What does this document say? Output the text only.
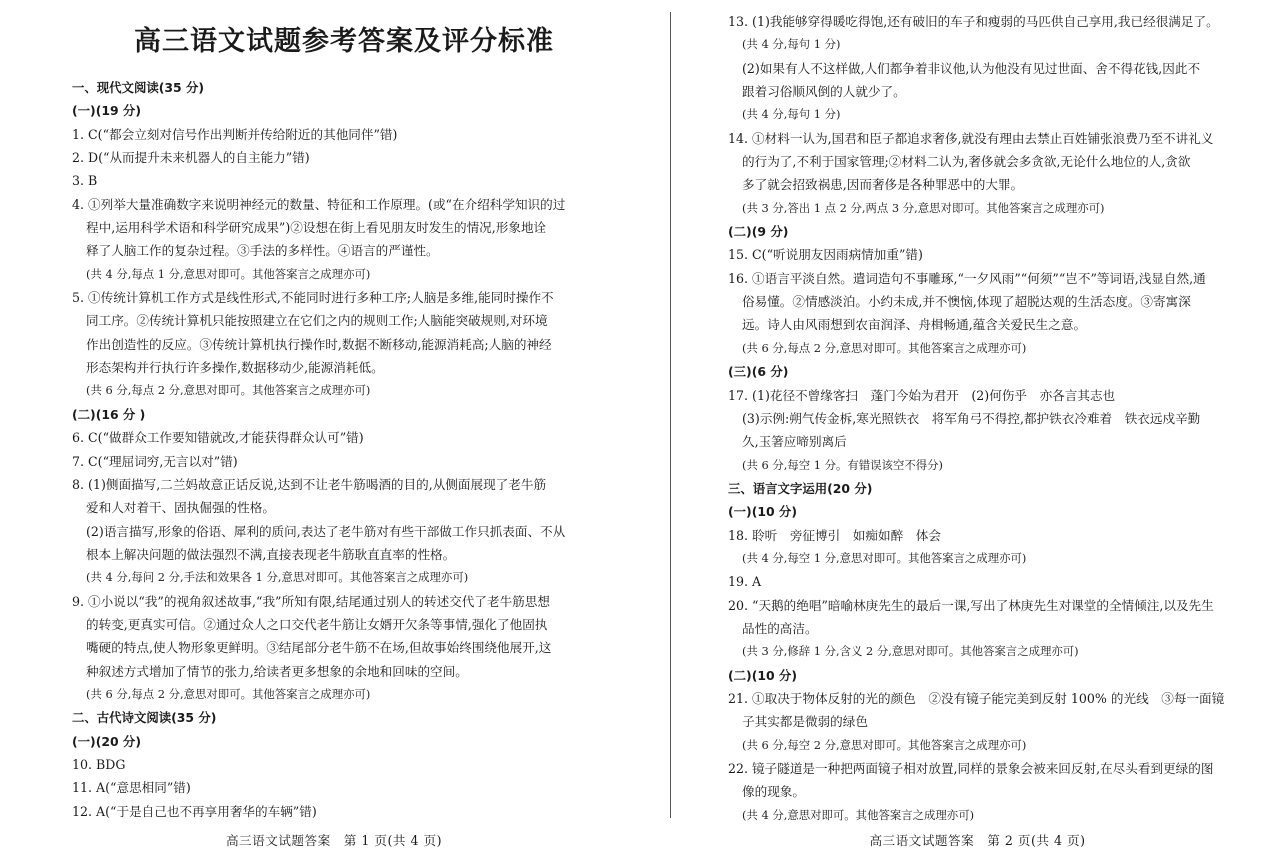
高三语文试题参考答案及评分标准
一、现代文阅读(35 分)
(一)(19 分)
1. C(“都会立刻对信号作出判断并传给附近的其他同伴”错)
2. D(“从而提升未来机器人的自主能力”错)
3. B
4. ①列举大量准确数字来说明神经元的数量、特征和工作原理。(或“在介绍科学知识的过
程中,运用科学术语和科学研究成果”)②设想在街上看见朋友时发生的情况,形象地诠
释了人脑工作的复杂过程。③手法的多样性。④语言的严谨性。
(共 4 分,每点 1 分,意思对即可。其他答案言之成理亦可)
5. ①传统计算机工作方式是线性形式,不能同时进行多种工序;人脑是多维,能同时操作不
同工序。②传统计算机只能按照建立在它们之内的规则工作;人脑能突破规则,对环境
作出创造性的反应。③传统计算机执行操作时,数据不断移动,能源消耗高;人脑的神经
形态架构并行执行许多操作,数据移动少,能源消耗低。
(共 6 分,每点 2 分,意思对即可。其他答案言之成理亦可)
(二)(16 分 )
6. C(“做群众工作要知错就改,才能获得群众认可”错)
7. C(“理屈词穷,无言以对”错)
8. (1)侧面描写,二兰妈故意正话反说,达到不让老牛筋喝酒的目的,从侧面展现了老牛筋
爱和人对着干、固执倔强的性格。
(2)语言描写,形象的俗语、犀利的质问,表达了老牛筋对有些干部做工作只抓表面、不从
根本上解决问题的做法强烈不满,直接表现老牛筋耿直直率的性格。
(共 4 分,每问 2 分,手法和效果各 1 分,意思对即可。其他答案言之成理亦可)
9. ①小说以“我”的视角叙述故事,“我”所知有限,结尾通过别人的转述交代了老牛筋思想
的转变,更真实可信。②通过众人之口交代老牛筋让女婿开欠条等事情,强化了他固执
嘴硬的特点,使人物形象更鲜明。③结尾部分老牛筋不在场,但故事始终围绕他展开,这
种叙述方式增加了情节的张力,给读者更多想象的余地和回味的空间。
(共 6 分,每点 2 分,意思对即可。其他答案言之成理亦可)
二、古代诗文阅读(35 分)
(一)(20 分)
10. BDG
11. A(“意思相同”错)
12. A(“于是自己也不再享用奢华的车辆”错)
高三语文试题答案　第 1 页(共 4 页)
13. (1)我能够穿得暖吃得饱,还有破旧的车子和瘦弱的马匹供自己享用,我已经很满足了。
(共 4 分,每句 1 分)
(2)如果有人不这样做,人们都争着非议他,认为他没有见过世面、舍不得花钱,因此不
跟着习俗顺风倒的人就少了。
(共 4 分,每句 1 分)
14. ①材料一认为,国君和臣子都追求奢侈,就没有理由去禁止百姓铺张浪费乃至不讲礼义
的行为了,不利于国家管理;②材料二认为,奢侈就会多贪欲,无论什么地位的人,贪欲
多了就会招致祸患,因而奢侈是各种罪恶中的大罪。
(共 3 分,答出 1 点 2 分,两点 3 分,意思对即可。其他答案言之成理亦可)
(二)(9 分)
15. C(“听说朋友因雨病情加重”错)
16. ①语言平淡自然。遣词造句不事雕琢,“一夕风雨”“何须”“岂不”等词语,浅显自然,通
俗易懂。②情感淡泊。小约未成,并不懊恼,体现了超脱达观的生活态度。③寄寓深
远。诗人由风雨想到农亩润泽、舟楫畅通,蕴含关爱民生之意。
(共 6 分,每点 2 分,意思对即可。其他答案言之成理亦可)
(三)(6 分)
17. (1)花径不曾缘客扫　蓬门今始为君开　(2)何伤乎　亦各言其志也
(3)示例:朔气传金柝,寒光照铁衣　将军角弓不得控,都护铁衣冷难着　铁衣远戍辛勤
久,玉箸应啼别离后
(共 6 分,每空 1 分。有错误该空不得分)
三、语言文字运用(20 分)
(一)(10 分)
18. 聆听　旁征博引　如痴如醉　体会
(共 4 分,每空 1 分,意思对即可。其他答案言之成理亦可)
19. A
20. “天鹅的绝唱”暗喻林庚先生的最后一课,写出了林庚先生对课堂的全情倾注,以及先生
品性的高洁。
(共 3 分,修辞 1 分,含义 2 分,意思对即可。其他答案言之成理亦可)
(二)(10 分)
21. ①取决于物体反射的光的颜色　②没有镜子能完美到反射 100% 的光线　③每一面镜
子其实都是微弱的绿色
(共 6 分,每空 2 分,意思对即可。其他答案言之成理亦可)
22. 镜子隧道是一种把两面镜子相对放置,同样的景象会被来回反射,在尽头看到更绿的图
像的现象。
(共 4 分,意思对即可。其他答案言之成理亦可)
高三语文试题答案　第 2 页(共 4 页)
